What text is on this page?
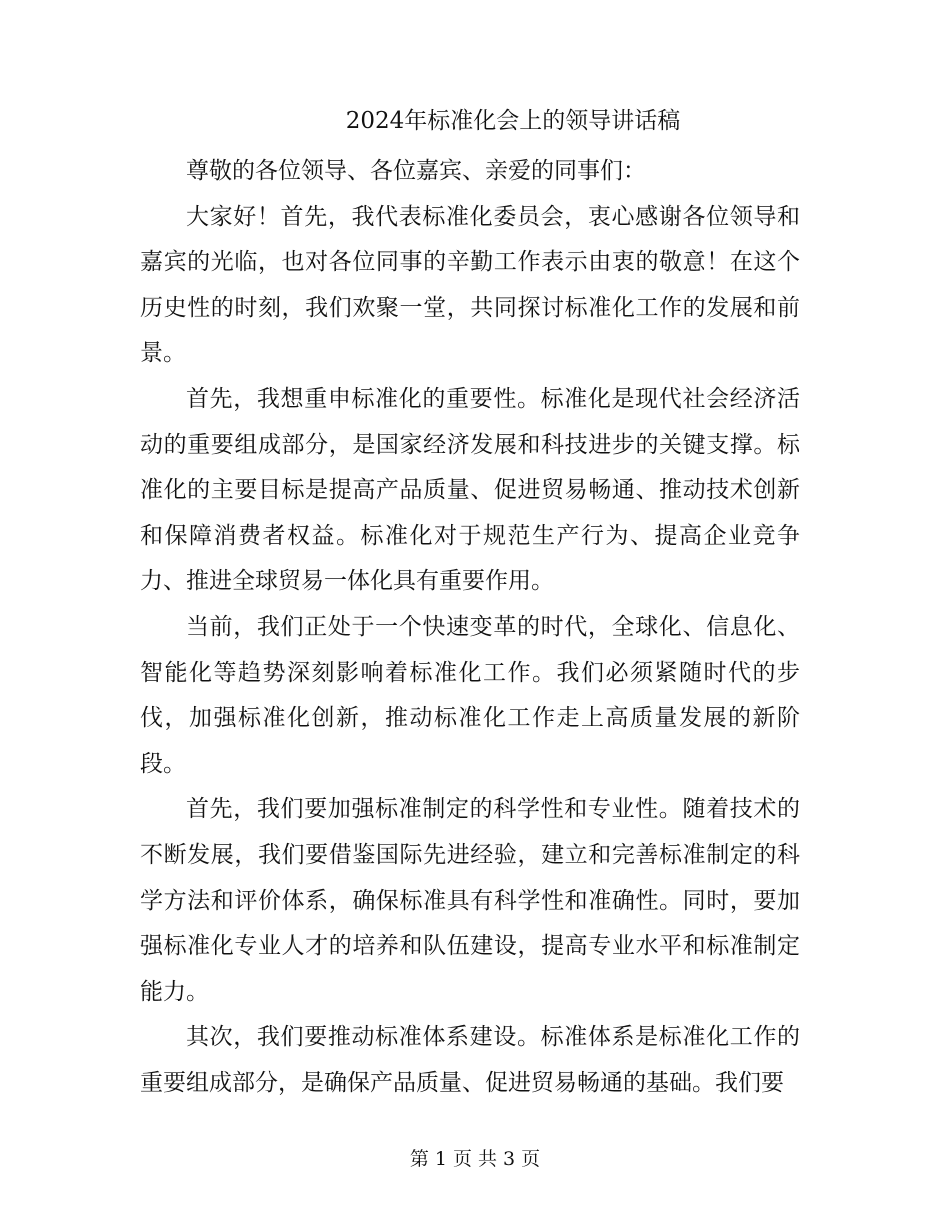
2024年标准化会上的领导讲话稿

尊敬的各位领导、各位嘉宾、亲爱的同事们：

大家好！首先，我代表标准化委员会，衷心感谢各位领导和嘉宾的光临，也对各位同事的辛勤工作表示由衷的敬意！在这个历史性的时刻，我们欢聚一堂，共同探讨标准化工作的发展和前景。

首先，我想重申标准化的重要性。标准化是现代社会经济活动的重要组成部分，是国家经济发展和科技进步的关键支撑。标准化的主要目标是提高产品质量、促进贸易畅通、推动技术创新和保障消费者权益。标准化对于规范生产行为、提高企业竞争力、推进全球贸易一体化具有重要作用。

当前，我们正处于一个快速变革的时代，全球化、信息化、智能化等趋势深刻影响着标准化工作。我们必须紧随时代的步伐，加强标准化创新，推动标准化工作走上高质量发展的新阶段。

首先，我们要加强标准制定的科学性和专业性。随着技术的不断发展，我们要借鉴国际先进经验，建立和完善标准制定的科学方法和评价体系，确保标准具有科学性和准确性。同时，要加强标准化专业人才的培养和队伍建设，提高专业水平和标准制定能力。

其次，我们要推动标准体系建设。标准体系是标准化工作的重要组成部分，是确保产品质量、促进贸易畅通的基础。我们要

第 1 页 共 3 页
